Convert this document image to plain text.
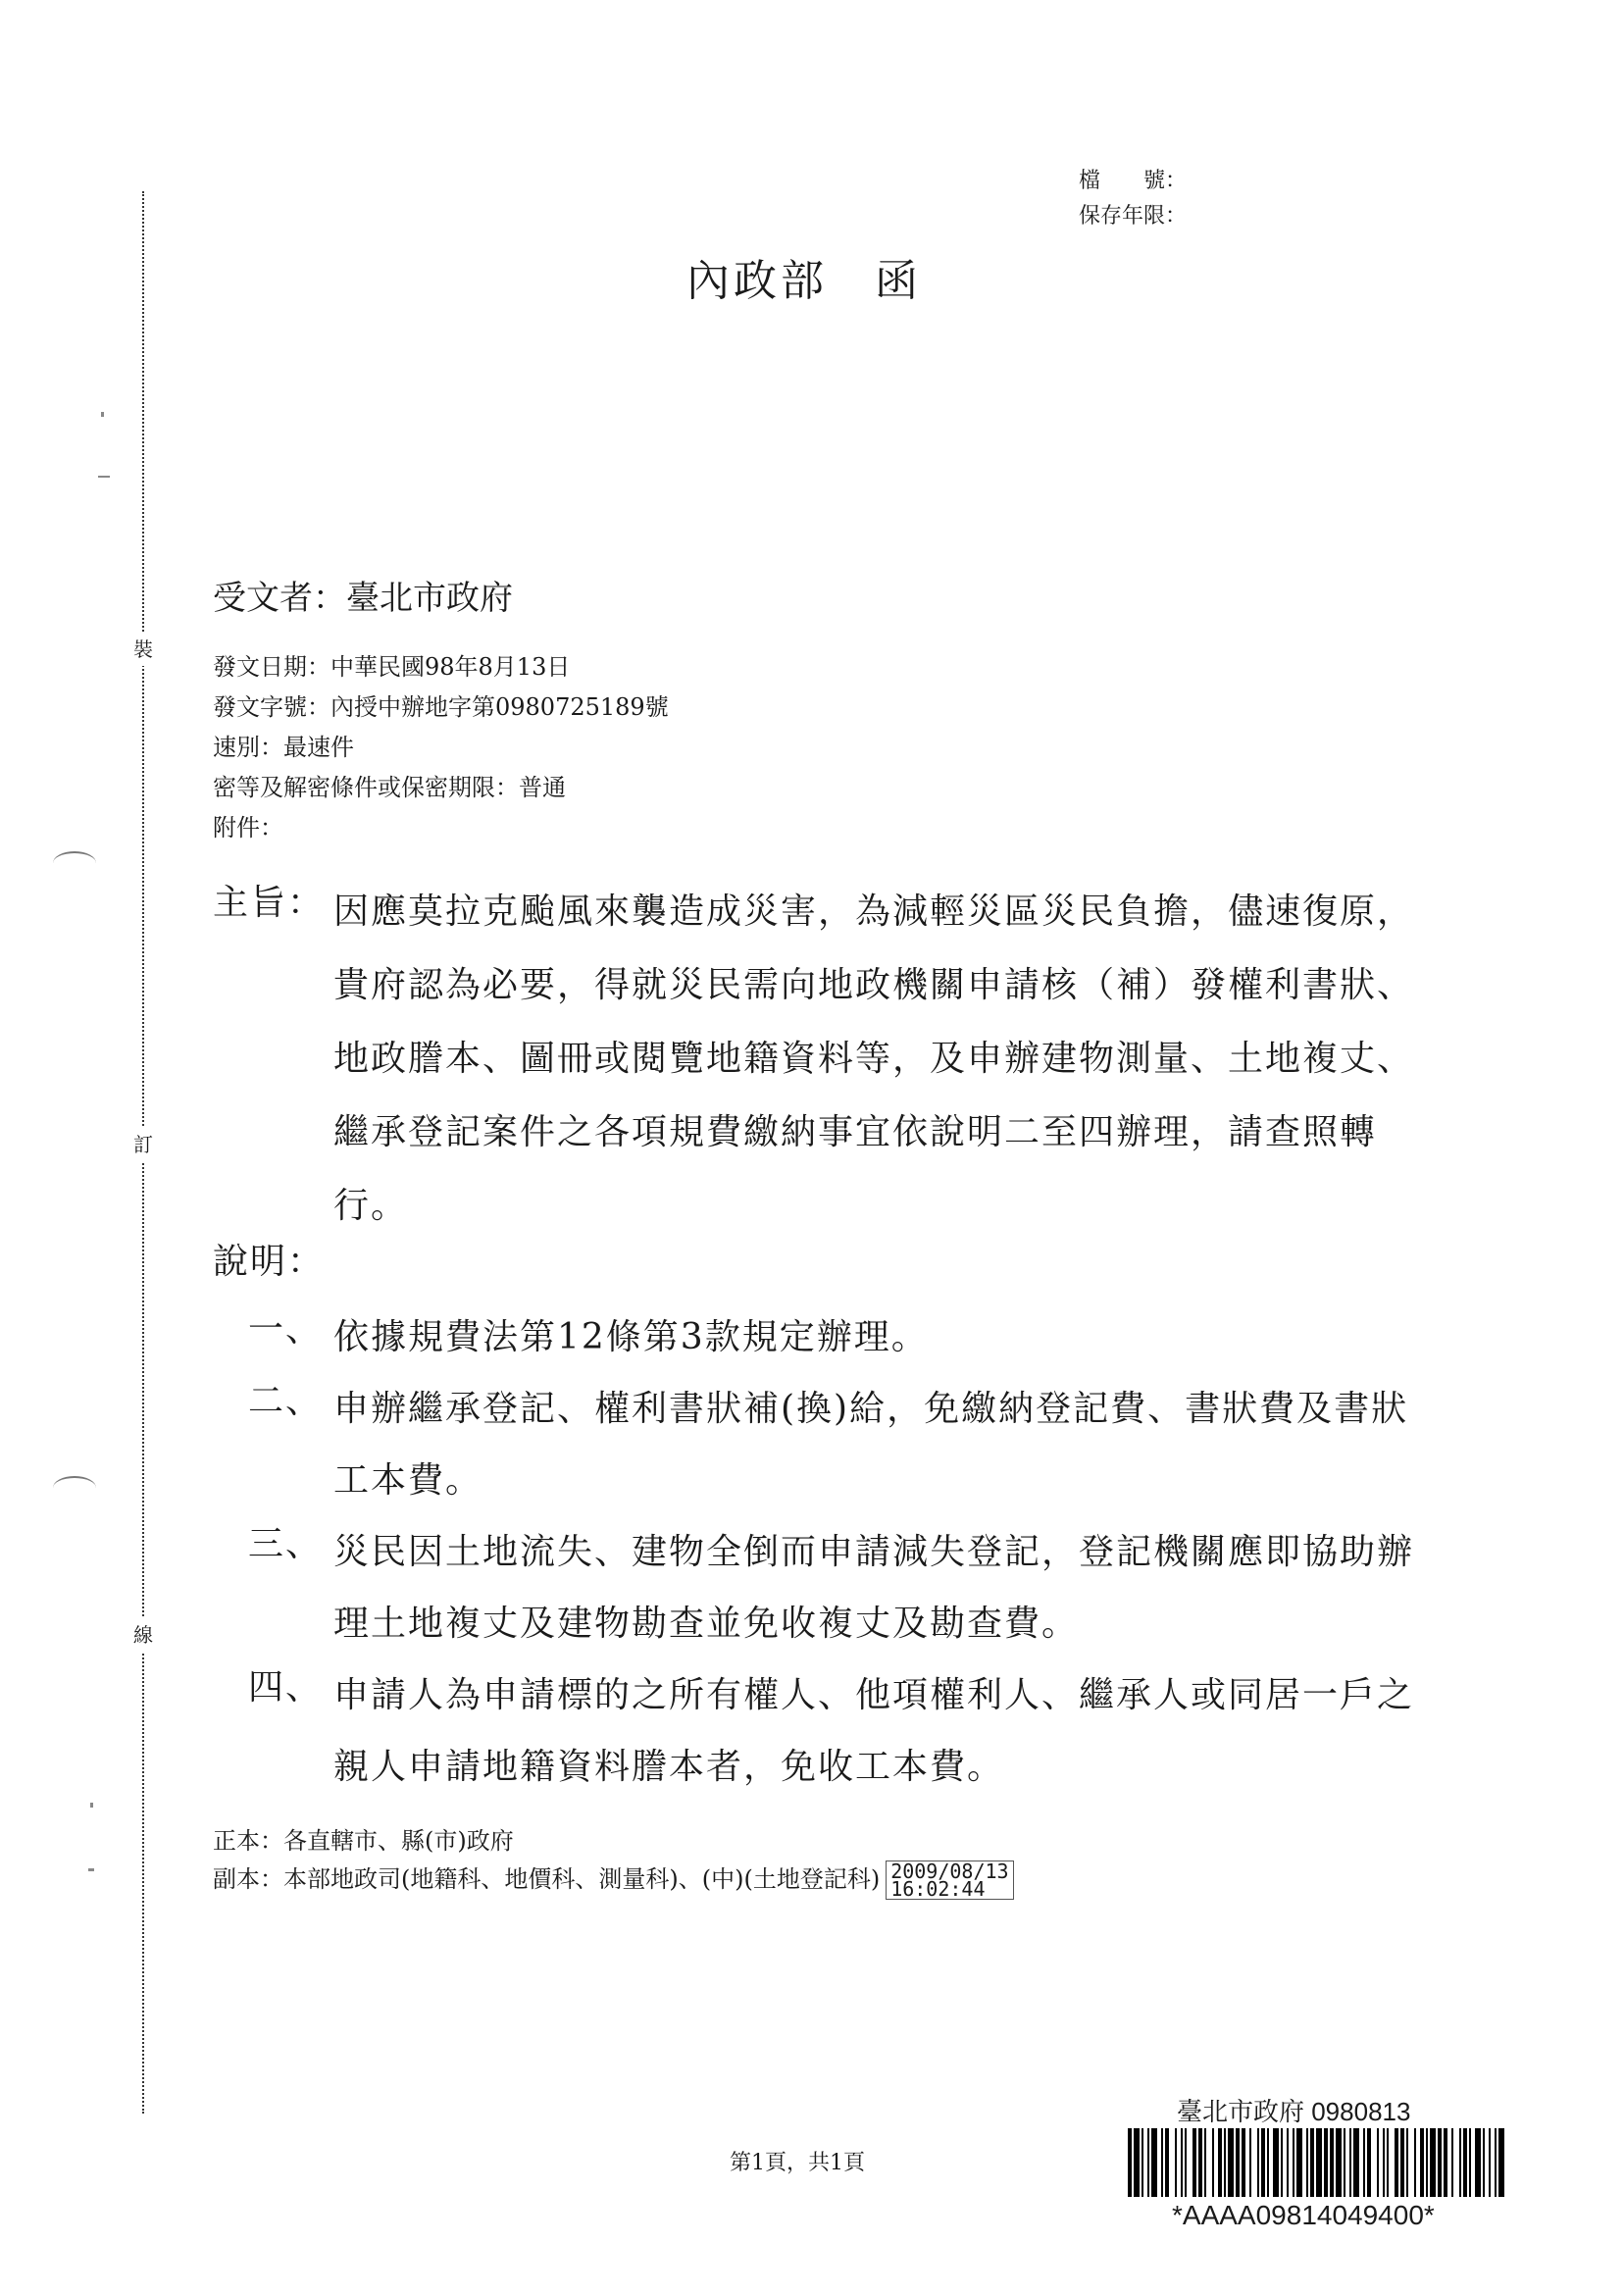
裝
訂
線
檔　　號：
保存年限：
內政部　函
受文者：臺北市政府
發文日期：中華民國98年8月13日
發文字號：內授中辦地字第0980725189號
速別：最速件
密等及解密條件或保密期限：普通
附件：
主旨： 因應莫拉克颱風來襲造成災害，為減輕災區災民負擔，儘速復原，貴府認為必要，得就災民需向地政機關申請核（補）發權利書狀、地政謄本、圖冊或閱覽地籍資料等，及申辦建物測量、土地複丈、繼承登記案件之各項規費繳納事宜依說明二至四辦理，請查照轉行。
說明：
一、 依據規費法第12條第3款規定辦理。
二、 申辦繼承登記、權利書狀補(換)給，免繳納登記費、書狀費及書狀工本費。
三、 災民因土地流失、建物全倒而申請減失登記，登記機關應即協助辦理土地複丈及建物勘查並免收複丈及勘查費。
四、 申請人為申請標的之所有權人、他項權利人、繼承人或同居一戶之親人申請地籍資料謄本者，免收工本費。
正本：各直轄市、縣(市)政府
副本：本部地政司(地籍科、地價科、測量科)、(中)(土地登記科) 2009/08/13
16:02:44
第1頁，共1頁
臺北市政府 0980813
*AAAA09814049400*
